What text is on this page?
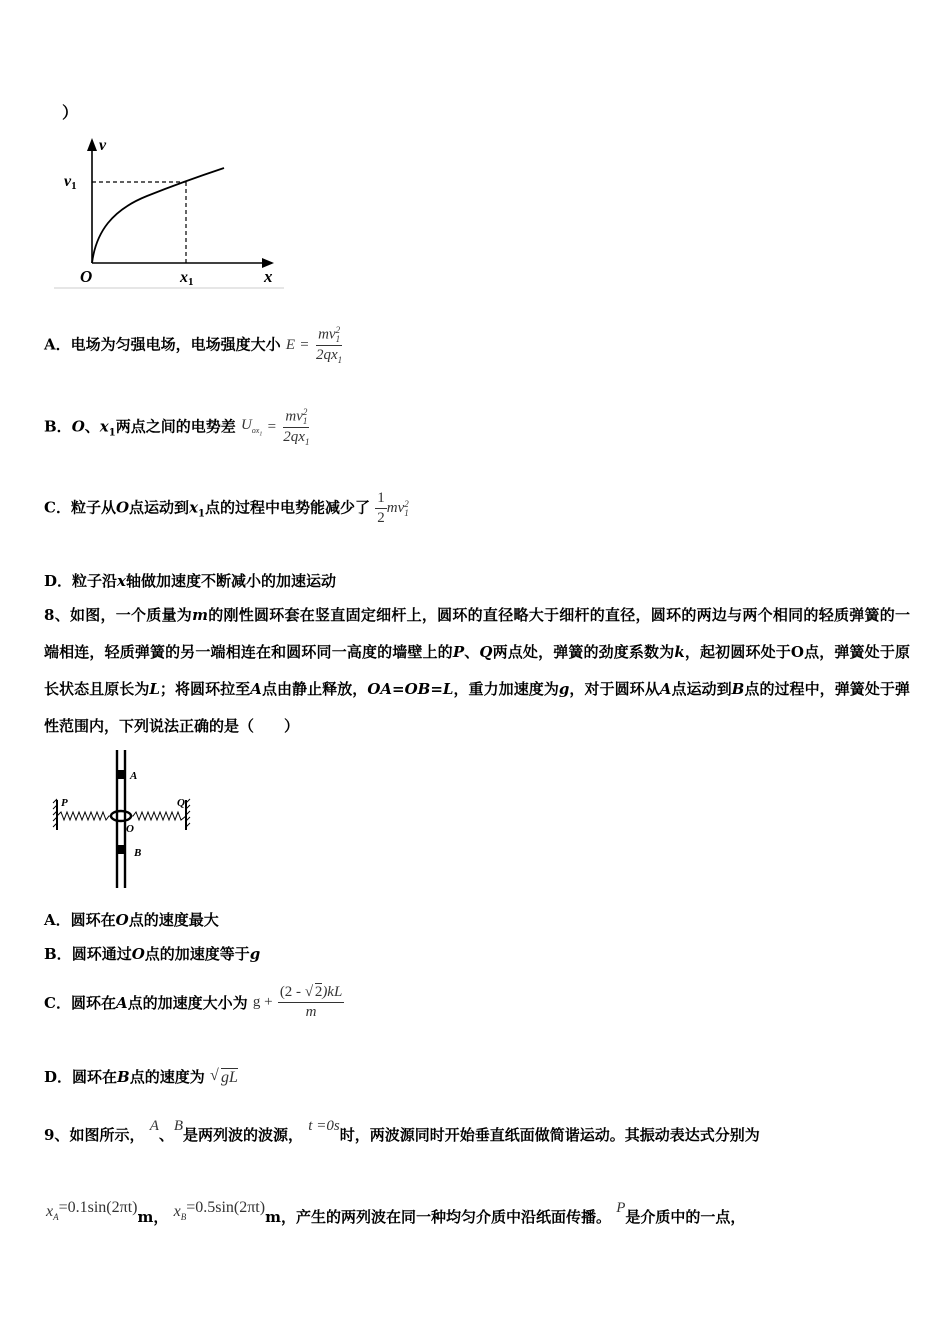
）
v
v1
O	x1	x
A．电场为匀强电场，电场强度大小 E = mv 2
1
$2qx_1$
B．O、$x_1$两点之间的电势差 $U_{ox_1}$ = mv 2
1
$2qx_1$
C．粒子从O点运动到$x_1$点的过程中电势能减少了 $\frac{1}{2}$ mv 2
1
D．粒子沿x轴做加速度不断减小的加速运动
8、如图，一个质量为m的刚性圆环套在竖直固定细杆上，圆环的直径略大于细杆的直径，圆环的两边与两个相同的轻质弹簧的一端相连，轻质弹簧的另一端相连在和圆环同一高度的墙壁上的P、Q两点处，弹簧的劲度系数为k，起初圆环处于O点，弹簧处于原长状态且原长为L；将圆环拉至A点由静止释放，OA=OB=L，重力加速度为g，对于圆环从A点运动到B点的过程中，弹簧处于弹性范围内，下列说法正确的是（　　）
A
B
O
P	Q
A．圆环在O点的速度最大
B．圆环通过O点的加速度等于g
C．圆环在A点的加速度大小为 $g + \frac{(2 - √ 2)kL}{m}$
D．圆环在B点的速度为 √ gL
9、如图所示， A、B是两列波的波源， t =0s时，两波源同时开始垂直纸面做简谐运动。其振动表达式分别为
$x_A=0.1\sin(2\pi t)m$， $x_B=0.5\sin(2\pi t)m$，产生的两列波在同一种均匀介质中沿纸面传播。 P是介质中的一点，
